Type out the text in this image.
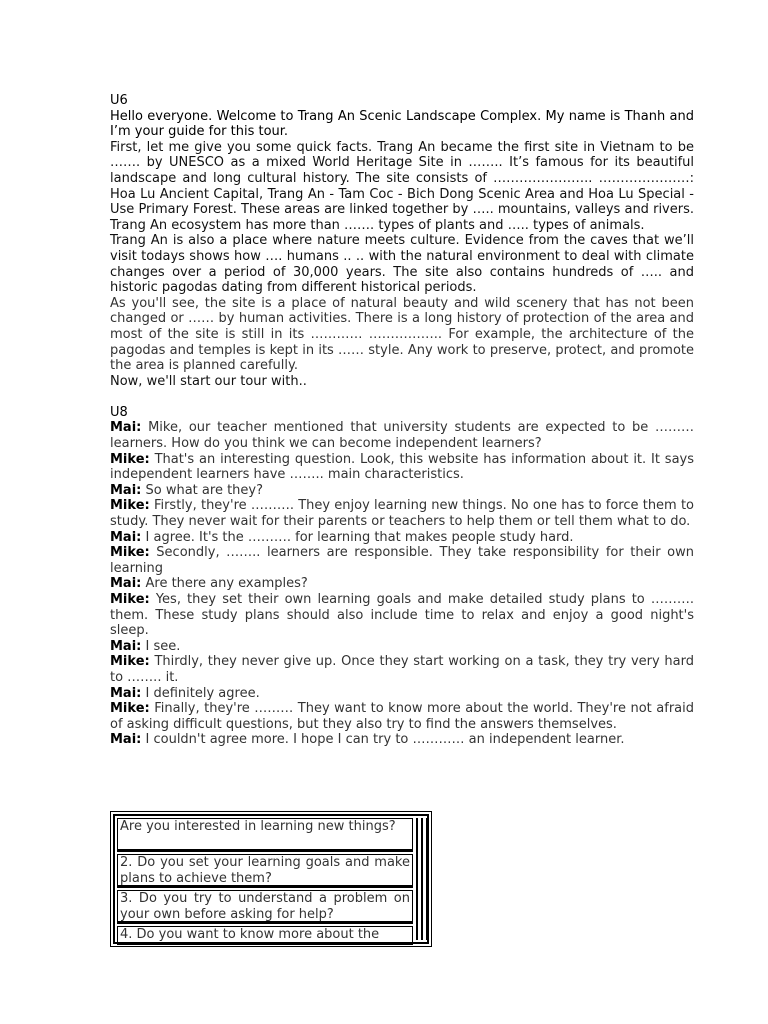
U6

Hello everyone. Welcome to Trang An Scenic Landscape Complex. My name is Thanh and I’m your guide for this tour.

First, let me give you some quick facts. Trang An became the first site in Vietnam to be ……. by UNESCO as a mixed World Heritage Site in …….. It’s famous for its beautiful landscape and long cultural history. The site consists of ………………….. …………………: Hoa Lu Ancient Capital, Trang An - Tam Coc - Bich Dong Scenic Area and Hoa Lu Special - Use Primary Forest. These areas are linked together by ….. mountains, valleys and rivers. Trang An ecosystem has more than ……. types of plants and ….. types of animals.

Trang An is also a place where nature meets culture. Evidence from the caves that we’ll visit todays shows how …. humans .. .. with the natural environment to deal with climate changes over a period of 30,000 years. The site also contains hundreds of ….. and historic pagodas dating from different historical periods.

As you'll see, the site is a place of natural beauty and wild scenery that has not been changed or …… by human activities. There is a long history of protection of the area and most of the site is still in its ………… …………….. For example, the architecture of the pagodas and temples is kept in its …… style. Any work to preserve, protect, and promote the area is planned carefully.

Now, we'll start our tour with..

U8

Mai: Mike, our teacher mentioned that university students are expected to be ……… learners. How do you think we can become independent learners?

Mike: That's an interesting question. Look, this website has information about it. It says independent learners have …….. main characteristics.

Mai: So what are they?

Mike: Firstly, they're ………. They enjoy learning new things. No one has to force them to study. They never wait for their parents or teachers to help them or tell them what to do.

Mai: I agree. It's the ………. for learning that makes people study hard.

Mike: Secondly, …….. learners are responsible. They take responsibility for their own learning

Mai: Are there any examples?

Mike: Yes, they set their own learning goals and make detailed study plans to ………. them. These study plans should also include time to relax and enjoy a good night's sleep.

Mai: I see.

Mike: Thirdly, they never give up. Once they start working on a task, they try very hard to …….. it.

Mai: I definitely agree.

Mike: Finally, they're ……… They want to know more about the world. They're not afraid of asking difficult questions, but they also try to find the answers themselves.

Mai: I couldn't agree more. I hope I can try to ………… an independent learner.

Are you interested in learning new things?
2. Do you set your learning goals and make plans to achieve them?
3. Do you try to understand a problem on your own before asking for help?
4. Do you want to know more about the
